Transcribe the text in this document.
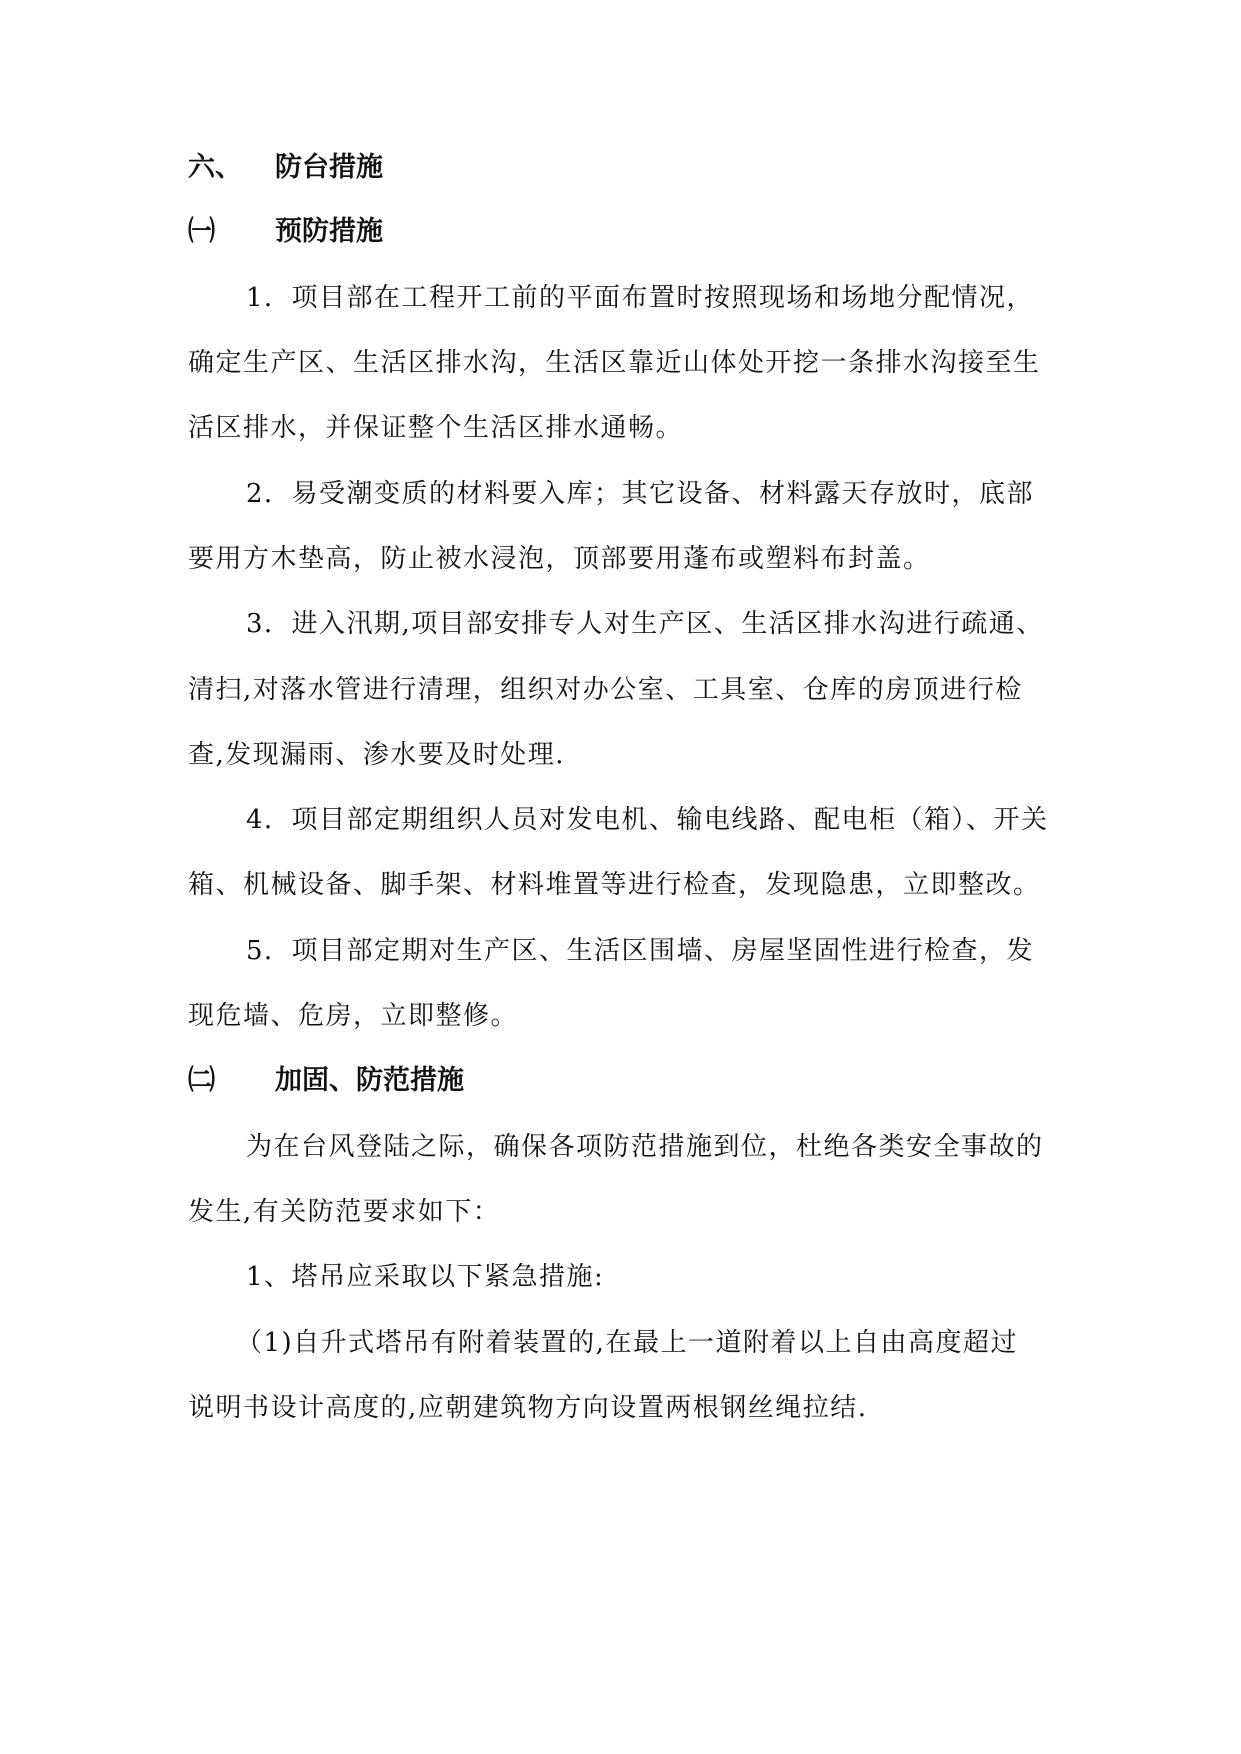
六、 防台措施
㈠ 预防措施
1．项目部在工程开工前的平面布置时按照现场和场地分配情况，
确定生产区、生活区排水沟，生活区靠近山体处开挖一条排水沟接至生
活区排水，并保证整个生活区排水通畅。
2．易受潮变质的材料要入库；其它设备、材料露天存放时，底部
要用方木垫高，防止被水浸泡，顶部要用蓬布或塑料布封盖。
3．进入汛期,项目部安排专人对生产区、生活区排水沟进行疏通、
清扫,对落水管进行清理，组织对办公室、工具室、仓库的房顶进行检
查,发现漏雨、渗水要及时处理.
4．项目部定期组织人员对发电机、输电线路、配电柜（箱）、开关
箱、机械设备、脚手架、材料堆置等进行检查，发现隐患，立即整改。
5．项目部定期对生产区、生活区围墙、房屋坚固性进行检查，发
现危墙、危房，立即整修。
㈡ 加固、防范措施
为在台风登陆之际，确保各项防范措施到位，杜绝各类安全事故的
发生,有关防范要求如下：
1、塔吊应采取以下紧急措施:
（1)自升式塔吊有附着装置的,在最上一道附着以上自由高度超过
说明书设计高度的,应朝建筑物方向设置两根钢丝绳拉结.
